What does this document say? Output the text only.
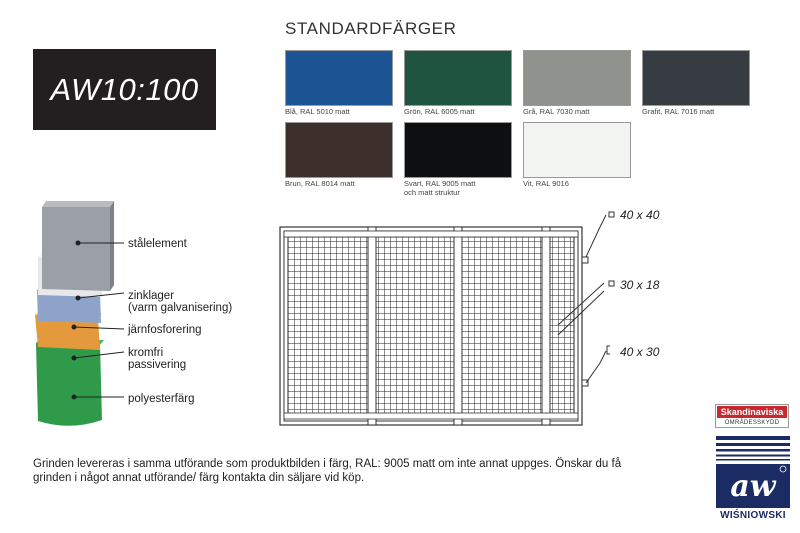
AW10:100
STANDARDFÄRGER
Blå, RAL 5010 matt	Grön, RAL 6005 matt	Grå, RAL 7030 matt	Grafit, RAL 7016 matt
Brun, RAL 8014 matt	Svart, RAL 9005 matt
och matt struktur
Vit, RAL 9016
stålelement
zinklager
(varm galvanisering)
järnfosforering
kromfri
passivering
polyesterfärg
40 x 40
30 x 18
40 x 30
Grinden levereras i samma utförande som produktbilden i färg, RAL: 9005 matt om inte annat uppges. Önskar du få grinden i något annat utförande/ färg kontakta din säljare vid köp.
Skandinaviska
OMRÅDESSKYDD
aw
WIŚNIOWSKI
